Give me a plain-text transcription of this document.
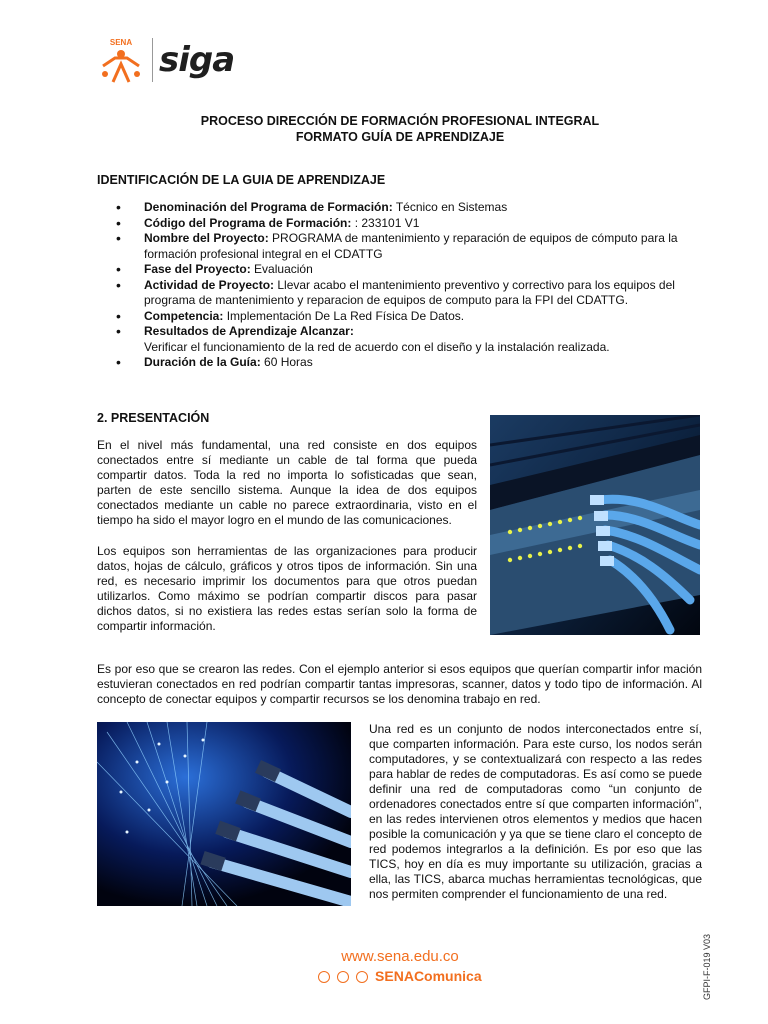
SENA siga
PROCESO DIRECCIÓN DE FORMACIÓN PROFESIONAL INTEGRAL
FORMATO GUÍA DE APRENDIZAJE
IDENTIFICACIÓN DE LA GUIA DE APRENDIZAJE
• Denominación del Programa de Formación: Técnico en Sistemas
• Código del Programa de Formación: : 233101 V1
• Nombre del Proyecto: PROGRAMA de mantenimiento y reparación de equipos de cómputo para la formación profesional integral en el CDATTG
• Fase del Proyecto: Evaluación
• Actividad de Proyecto: Llevar acabo el mantenimiento preventivo y correctivo para los equipos del programa de mantenimiento y reparacion de equipos de computo para la FPI del CDATTG.
• Competencia: Implementación De La Red Física De Datos.
• Resultados de Aprendizaje Alcanzar:
Verificar el funcionamiento de la red de acuerdo con el diseño y la instalación realizada.
• Duración de la Guía: 60 Horas
2. PRESENTACIÓN
En el nivel más fundamental, una red consiste en dos equipos conectados entre sí mediante un cable de tal forma que pueda compartir datos. Toda la red no importa lo sofisticadas que sean, parten de este sencillo sistema. Aunque la idea de dos equipos conectados mediante un cable no parece extraordinaria, visto en el tiempo ha sido el mayor logro en el mundo de las comunicaciones.
Los equipos son herramientas de las organizaciones para producir datos, hojas de cálculo, gráficos y otros tipos de información. Sin una red, es necesario imprimir los documentos para que otros puedan utilizarlos. Como máximo se podrían compartir discos para pasar dichos datos, si no existiera las redes estas serían solo la forma de compartir información.
Es por eso que se crearon las redes. Con el ejemplo anterior si esos equipos que querían compartir infor mación estuvieran conectados en red podrían compartir tantas impresoras, scanner, datos y todo tipo de información. Al concepto de conectar equipos y compartir recursos se los denomina trabajo en red.
Una red es un conjunto de nodos interconectados entre sí, que comparten información. Para este curso, los nodos serán computadores, y se contextualizará con respecto a las redes para hablar de redes de computadoras. Es así como se puede definir una red de computadoras como “un conjunto de ordenadores conectados entre sí que comparten información”, en las redes intervienen otros elementos y medios que hacen posible la comunicación y ya que se tiene claro el concepto de red podemos integrarlos a la definición. Es por eso que las TICS, hoy en día es muy importante su utilización, gracias a ella, las TICS, abarca muchas herramientas tecnológicas, que nos permiten comprender el funcionamiento de una red.
www.sena.edu.co
SENAComunica	GFPI-F-019 V03
